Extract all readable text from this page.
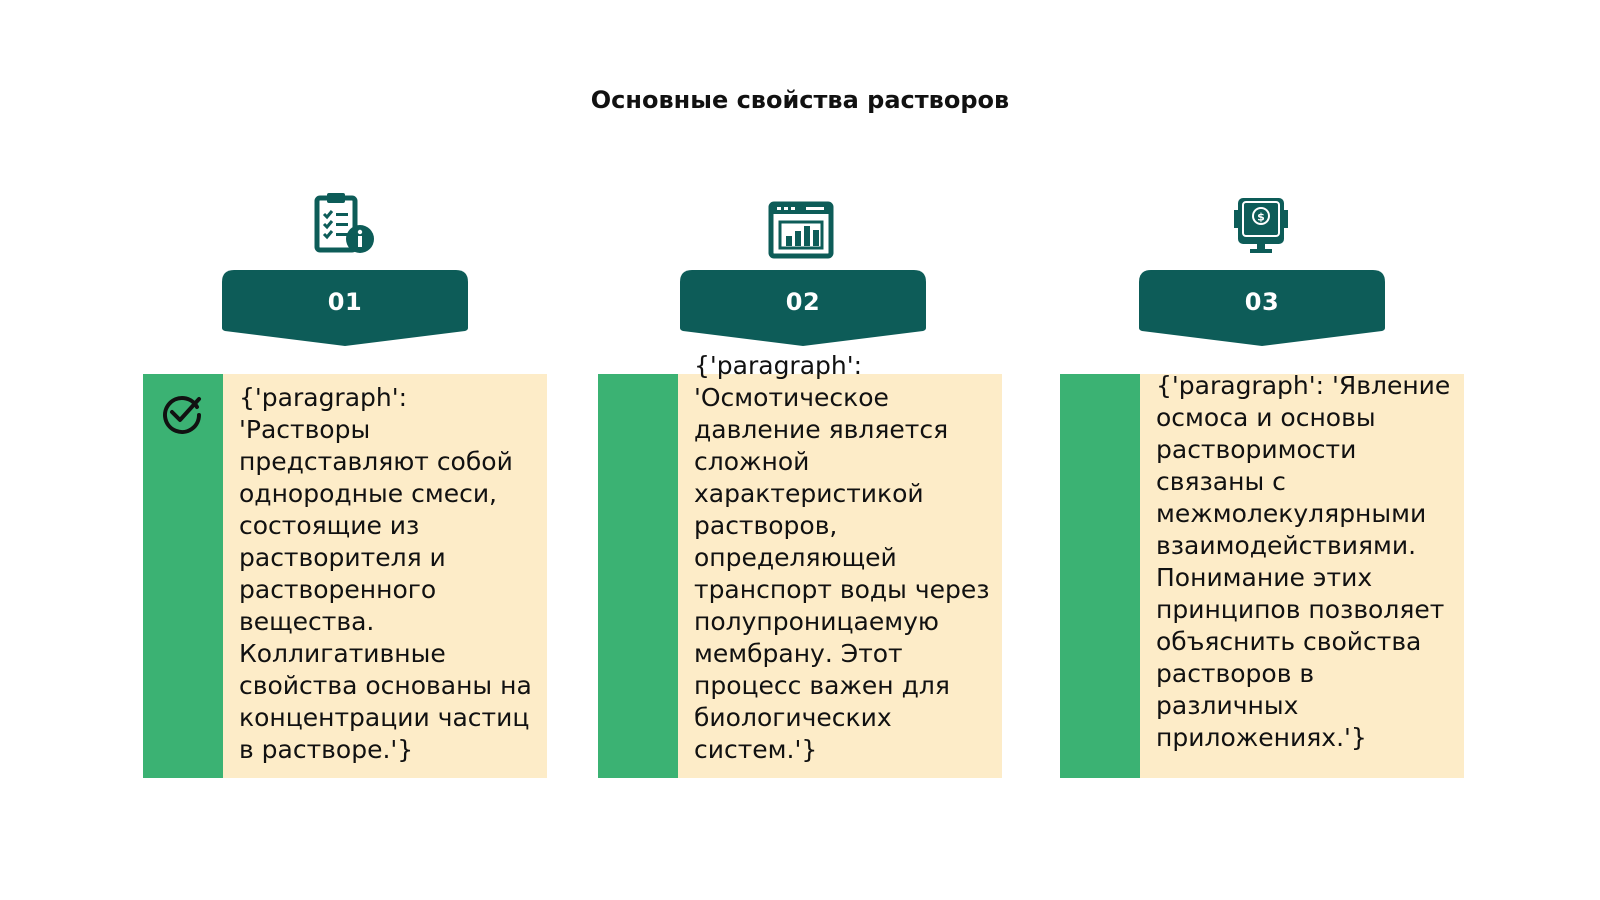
Основные свойства растворов
01

{'paragraph': 'Растворы представляют собой однородные смеси, состоящие из растворителя и растворенного вещества. Коллигативные свойства основаны на концентрации частиц в растворе.'}

02

{'paragraph': 'Осмотическое давление является сложной характеристикой растворов, определяющей транспорт воды через полупроницаемую мембрану. Этот процесс важен для биологических систем.'}

$
03

{'paragraph': 'Явление осмоса и основы растворимости связаны с межмолекулярными взаимодействиями. Понимание этих принципов позволяет объяснить свойства растворов в различных приложениях.'}
